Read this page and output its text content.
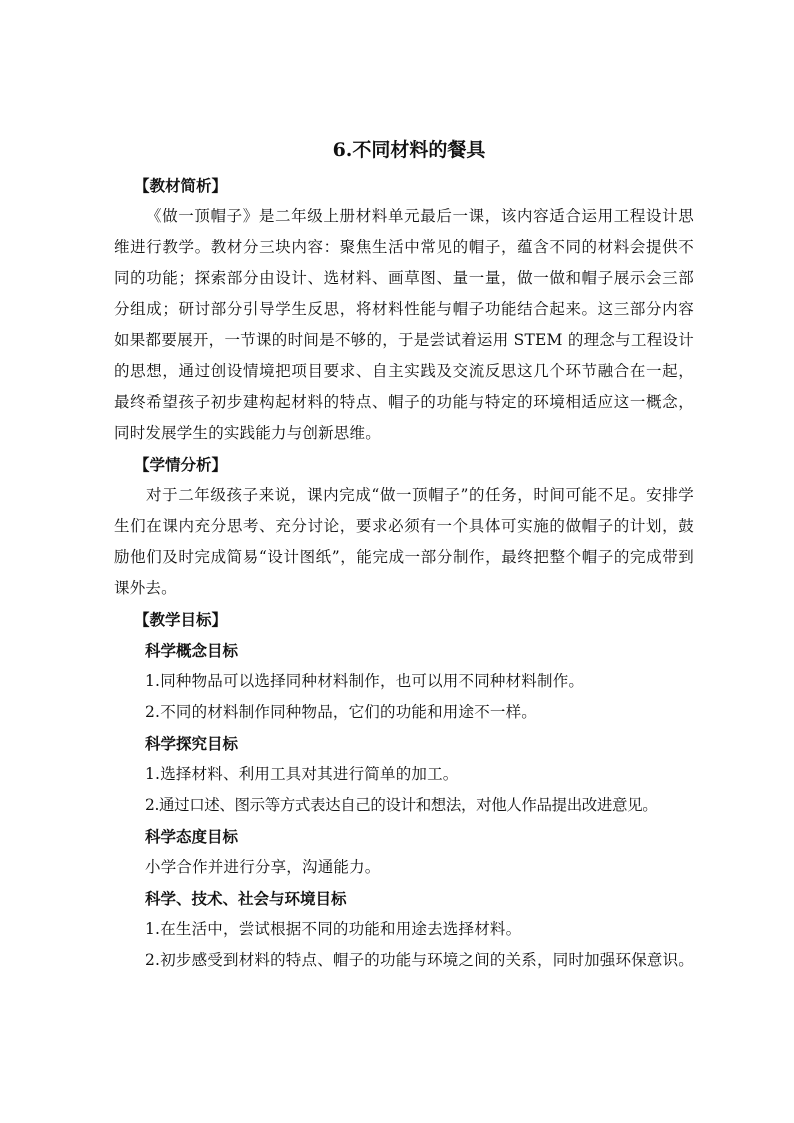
6.不同材料的餐具

【教材简析】

《做一顶帽子》是二年级上册材料单元最后一课，该内容适合运用工程设计思维进行教学。教材分三块内容：聚焦生活中常见的帽子，蕴含不同的材料会提供不同的功能；探索部分由设计、选材料、画草图、量一量，做一做和帽子展示会三部分组成；研讨部分引导学生反思，将材料性能与帽子功能结合起来。这三部分内容如果都要展开，一节课的时间是不够的，于是尝试着运用 STEM 的理念与工程设计的思想，通过创设情境把项目要求、自主实践及交流反思这几个环节融合在一起，最终希望孩子初步建构起材料的特点、帽子的功能与特定的环境相适应这一概念，同时发展学生的实践能力与创新思维。

【学情分析】

对于二年级孩子来说，课内完成“做一顶帽子”的任务，时间可能不足。安排学生们在课内充分思考、充分讨论，要求必须有一个具体可实施的做帽子的计划，鼓励他们及时完成简易“设计图纸”，能完成一部分制作，最终把整个帽子的完成带到课外去。

【教学目标】

科学概念目标

1.同种物品可以选择同种材料制作，也可以用不同种材料制作。

2.不同的材料制作同种物品，它们的功能和用途不一样。

科学探究目标

1.选择材料、利用工具对其进行简单的加工。

2.通过口述、图示等方式表达自己的设计和想法，对他人作品提出改进意见。

科学态度目标

小学合作并进行分享，沟通能力。

科学、技术、社会与环境目标

1.在生活中，尝试根据不同的功能和用途去选择材料。

2.初步感受到材料的特点、帽子的功能与环境之间的关系，同时加强环保意识。
